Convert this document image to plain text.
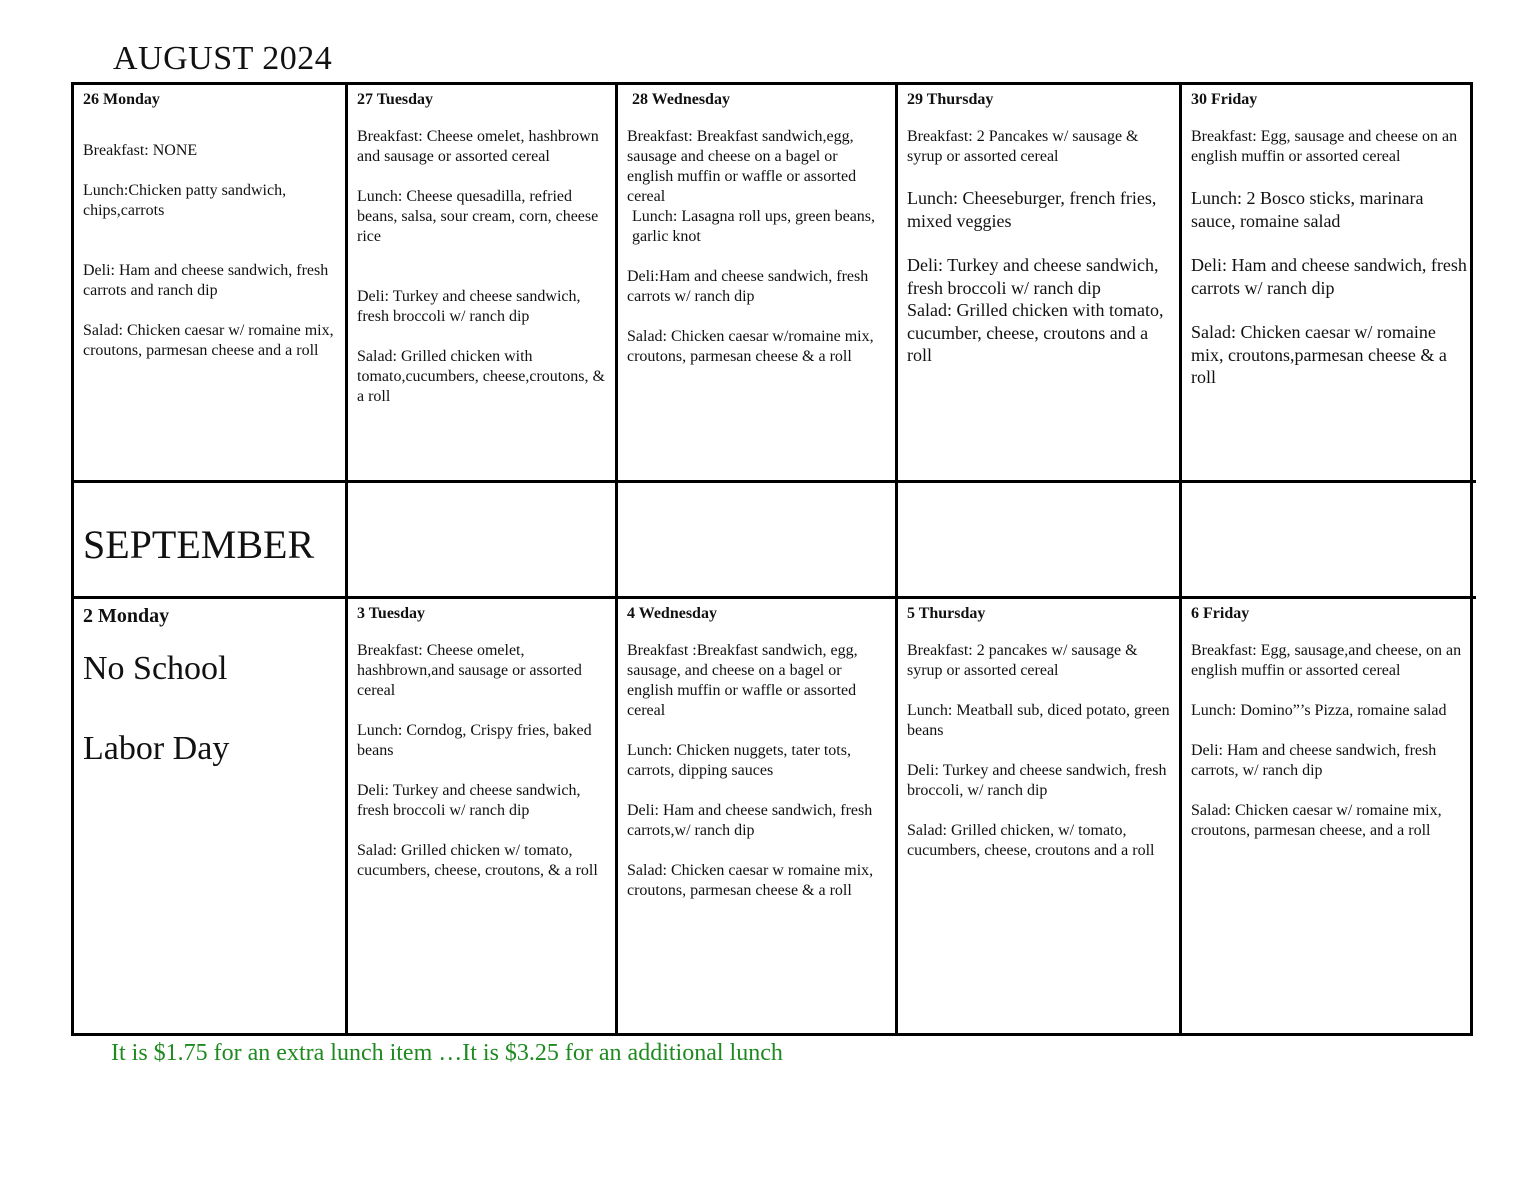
AUGUST 2024
26 Monday
Breakfast: NONE
Lunch:Chicken patty sandwich, chips,carrots
Deli: Ham and cheese sandwich, fresh carrots and ranch dip
Salad: Chicken caesar w/ romaine mix, croutons, parmesan cheese and a roll
27 Tuesday
Breakfast: Cheese omelet, hashbrown and sausage or assorted cereal
Lunch: Cheese quesadilla, refried beans, salsa, sour cream, corn, cheese rice
Deli: Turkey and cheese sandwich, fresh broccoli w/ ranch dip
Salad: Grilled chicken with tomato,cucumbers, cheese,croutons, & a roll
28 Wednesday
Breakfast: Breakfast sandwich,egg, sausage and cheese on a bagel or english muffin or waffle or assorted cereal
Lunch: Lasagna roll ups, green beans, garlic knot
Deli:Ham and cheese sandwich, fresh carrots w/ ranch dip
Salad: Chicken caesar w/romaine mix, croutons, parmesan cheese & a roll
29 Thursday
Breakfast: 2 Pancakes w/ sausage & syrup or assorted cereal
Lunch: Cheeseburger, french fries, mixed veggies
Deli: Turkey and cheese sandwich, fresh broccoli w/ ranch dip
Salad: Grilled chicken with tomato, cucumber, cheese, croutons and a roll
30 Friday
Breakfast: Egg, sausage and cheese on an english muffin or assorted cereal
Lunch: 2 Bosco sticks, marinara sauce, romaine salad
Deli: Ham and cheese sandwich, fresh carrots w/ ranch dip
Salad: Chicken caesar w/ romaine mix, croutons,parmesan cheese & a roll
SEPTEMBER
2 Monday
No School
Labor Day
3 Tuesday
Breakfast: Cheese omelet, hashbrown,and sausage or assorted cereal
Lunch: Corndog, Crispy fries, baked beans
Deli: Turkey and cheese sandwich, fresh broccoli w/ ranch dip
Salad: Grilled chicken w/ tomato, cucumbers, cheese, croutons, & a roll
4 Wednesday
Breakfast :Breakfast sandwich, egg, sausage, and cheese on a bagel or english muffin or waffle or assorted cereal
Lunch: Chicken nuggets, tater tots, carrots, dipping sauces
Deli: Ham and cheese sandwich, fresh carrots,w/ ranch dip
Salad: Chicken caesar w romaine mix, croutons, parmesan cheese & a roll
5 Thursday
Breakfast: 2 pancakes w/ sausage & syrup or assorted cereal
Lunch: Meatball sub, diced potato, green beans
Deli: Turkey and cheese sandwich, fresh broccoli, w/ ranch dip
Salad: Grilled chicken, w/ tomato, cucumbers, cheese, croutons and a roll
6 Friday
Breakfast: Egg, sausage,and cheese, on an english muffin or assorted cereal
Lunch: Domino”’s Pizza, romaine salad
Deli: Ham and cheese sandwich, fresh carrots, w/ ranch dip
Salad: Chicken caesar w/ romaine mix, croutons, parmesan cheese, and a roll
It is $1.75 for an extra lunch item …It is $3.25 for an additional lunch
